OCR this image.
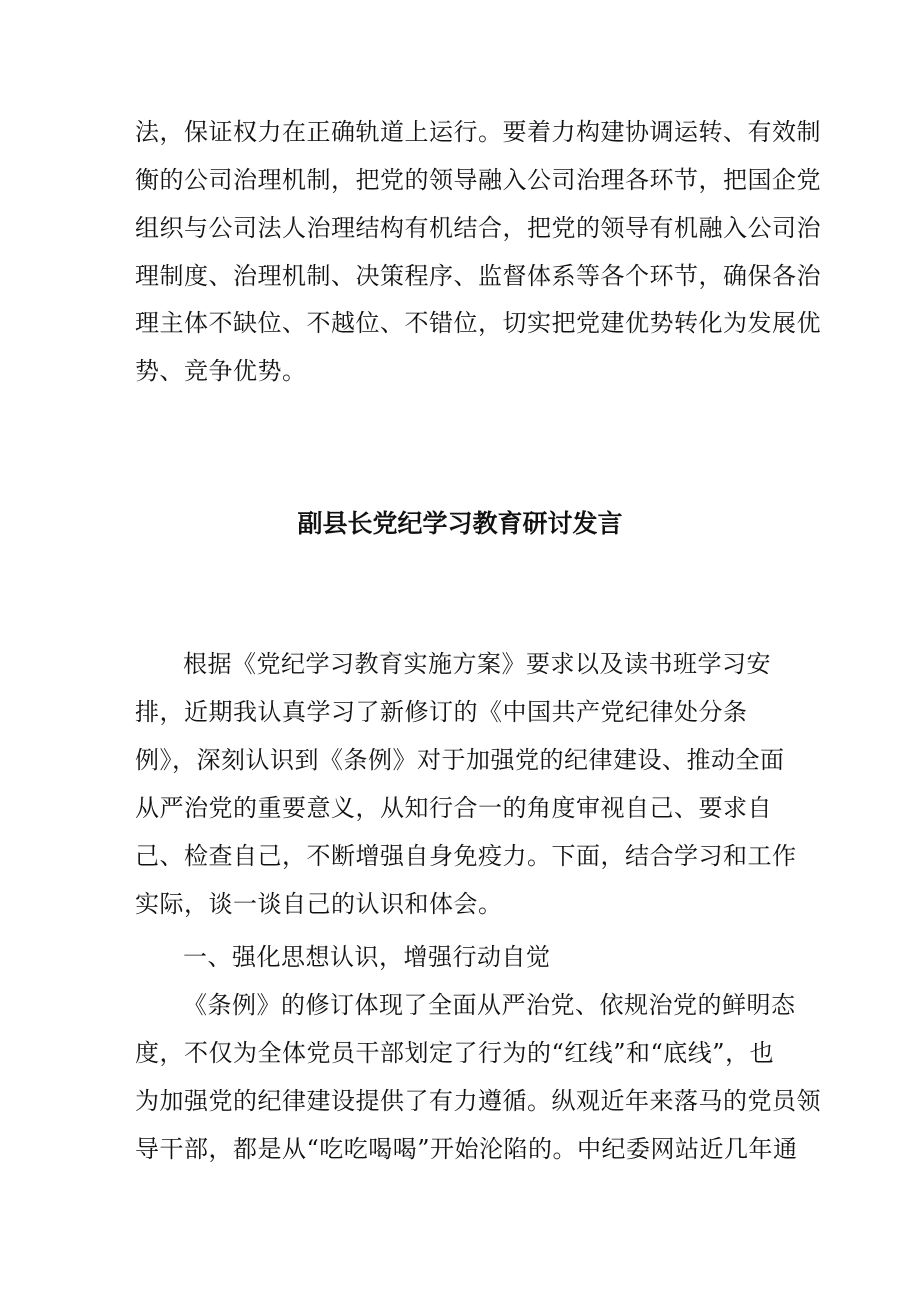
法，保证权力在正确轨道上运行。要着力构建协调运转、有效制
衡的公司治理机制，把党的领导融入公司治理各环节，把国企党
组织与公司法人治理结构有机结合，把党的领导有机融入公司治
理制度、治理机制、决策程序、监督体系等各个环节，确保各治
理主体不缺位、不越位、不错位，切实把党建优势转化为发展优
势、竞争优势。
副县长党纪学习教育研讨发言
根据《党纪学习教育实施方案》要求以及读书班学习安
排，近期我认真学习了新修订的《中国共产党纪律处分条
例》，深刻认识到《条例》对于加强党的纪律建设、推动全面
从严治党的重要意义，从知行合一的角度审视自己、要求自
己、检查自己，不断增强自身免疫力。下面，结合学习和工作
实际，谈一谈自己的认识和体会。
一、强化思想认识，增强行动自觉
《条例》的修订体现了全面从严治党、依规治党的鲜明态
度，不仅为全体党员干部划定了行为的“红线”和“底线”，也
为加强党的纪律建设提供了有力遵循。纵观近年来落马的党员领
导干部，都是从“吃吃喝喝”开始沦陷的。中纪委网站近几年通
